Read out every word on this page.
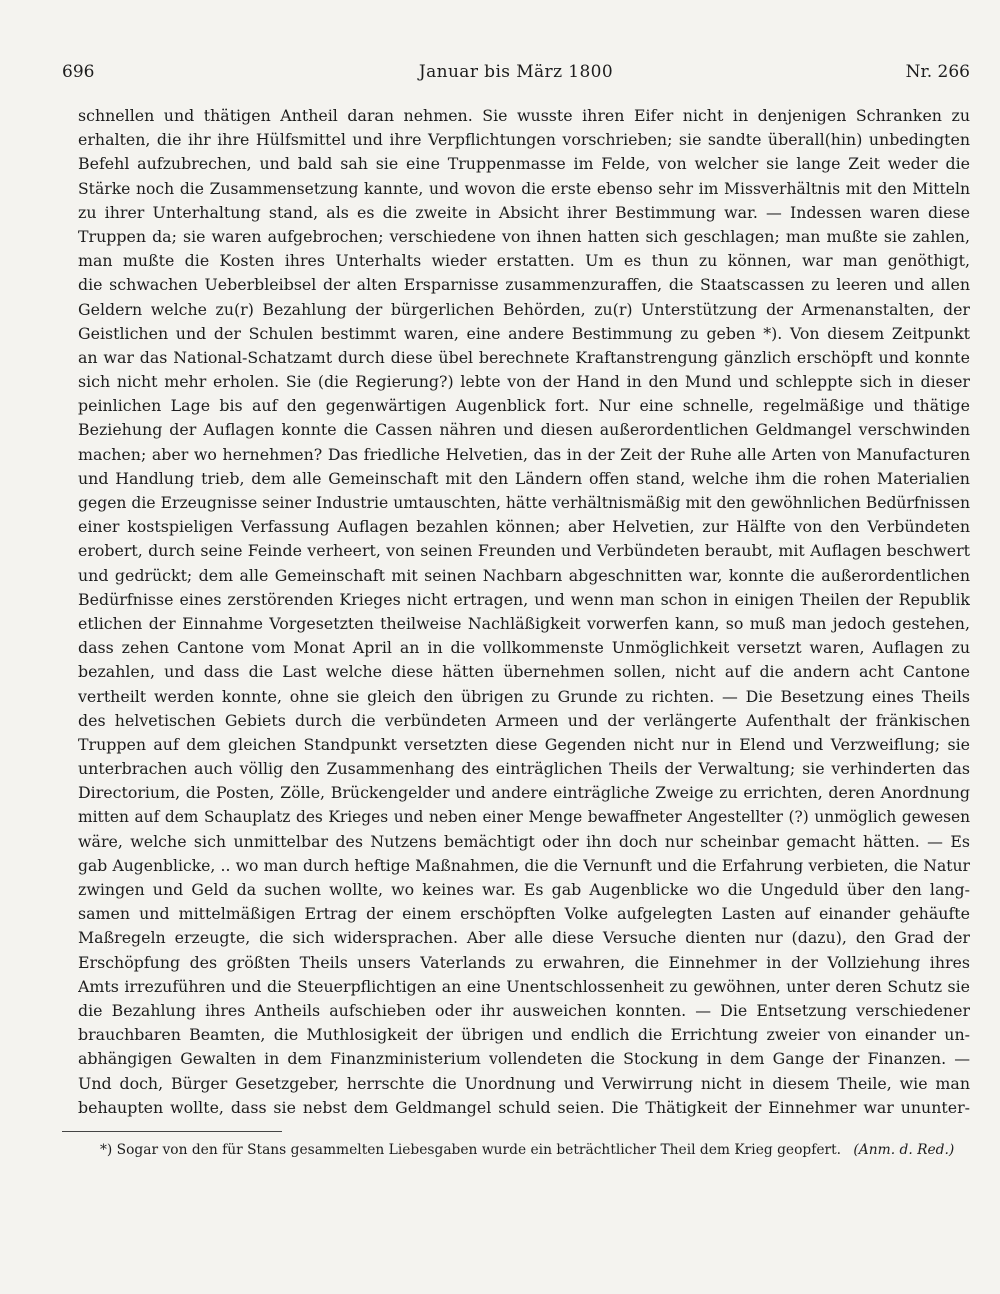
696	Januar bis März 1800	Nr. 266
schnellen und thätigen Antheil daran nehmen. Sie wusste ihren Eifer nicht in denjenigen Schranken zu
erhalten, die ihr ihre Hülfsmittel und ihre Verpflichtungen vorschrieben; sie sandte überall(hin) unbedingten
Befehl aufzubrechen, und bald sah sie eine Truppenmasse im Felde, von welcher sie lange Zeit weder die
Stärke noch die Zusammensetzung kannte, und wovon die erste ebenso sehr im Missverhältnis mit den Mitteln
zu ihrer Unterhaltung stand, als es die zweite in Absicht ihrer Bestimmung war. — Indessen waren diese
Truppen da; sie waren aufgebrochen; verschiedene von ihnen hatten sich geschlagen; man mußte sie zahlen,
man mußte die Kosten ihres Unterhalts wieder erstatten. Um es thun zu können, war man genöthigt,
die schwachen Ueberbleibsel der alten Ersparnisse zusammenzuraffen, die Staatscassen zu leeren und allen
Geldern welche zu(r) Bezahlung der bürgerlichen Behörden, zu(r) Unterstützung der Armenanstalten, der
Geistlichen und der Schulen bestimmt waren, eine andere Bestimmung zu geben *). Von diesem Zeitpunkt
an war das National-Schatzamt durch diese übel berechnete Kraftanstrengung gänzlich erschöpft und konnte
sich nicht mehr erholen. Sie (die Regierung?) lebte von der Hand in den Mund und schleppte sich in dieser
peinlichen Lage bis auf den gegenwärtigen Augenblick fort. Nur eine schnelle, regelmäßige und thätige
Beziehung der Auflagen konnte die Cassen nähren und diesen außerordentlichen Geldmangel verschwinden
machen; aber wo hernehmen? Das friedliche Helvetien, das in der Zeit der Ruhe alle Arten von Manufacturen
und Handlung trieb, dem alle Gemeinschaft mit den Ländern offen stand, welche ihm die rohen Materialien
gegen die Erzeugnisse seiner Industrie umtauschten, hätte verhältnismäßig mit den gewöhnlichen Bedürfnissen
einer kostspieligen Verfassung Auflagen bezahlen können; aber Helvetien, zur Hälfte von den Verbündeten
erobert, durch seine Feinde verheert, von seinen Freunden und Verbündeten beraubt, mit Auflagen beschwert
und gedrückt; dem alle Gemeinschaft mit seinen Nachbarn abgeschnitten war, konnte die außerordentlichen
Bedürfnisse eines zerstörenden Krieges nicht ertragen, und wenn man schon in einigen Theilen der Republik
etlichen der Einnahme Vorgesetzten theilweise Nachläßigkeit vorwerfen kann, so muß man jedoch gestehen,
dass zehen Cantone vom Monat April an in die vollkommenste Unmöglichkeit versetzt waren, Auflagen zu
bezahlen, und dass die Last welche diese hätten übernehmen sollen, nicht auf die andern acht Cantone
vertheilt werden konnte, ohne sie gleich den übrigen zu Grunde zu richten. — Die Besetzung eines Theils
des helvetischen Gebiets durch die verbündeten Armeen und der verlängerte Aufenthalt der fränkischen
Truppen auf dem gleichen Standpunkt versetzten diese Gegenden nicht nur in Elend und Verzweiflung; sie
unterbrachen auch völlig den Zusammenhang des einträglichen Theils der Verwaltung; sie verhinderten das
Directorium, die Posten, Zölle, Brückengelder und andere einträgliche Zweige zu errichten, deren Anordnung
mitten auf dem Schauplatz des Krieges und neben einer Menge bewaffneter Angestellter (?) unmöglich gewesen
wäre, welche sich unmittelbar des Nutzens bemächtigt oder ihn doch nur scheinbar gemacht hätten. — Es
gab Augenblicke, .. wo man durch heftige Maßnahmen, die die Vernunft und die Erfahrung verbieten, die Natur
zwingen und Geld da suchen wollte, wo keines war. Es gab Augenblicke wo die Ungeduld über den lang-
samen und mittelmäßigen Ertrag der einem erschöpften Volke aufgelegten Lasten auf einander gehäufte
Maßregeln erzeugte, die sich widersprachen. Aber alle diese Versuche dienten nur (dazu), den Grad der
Erschöpfung des größten Theils unsers Vaterlands zu erwahren, die Einnehmer in der Vollziehung ihres
Amts irrezuführen und die Steuerpflichtigen an eine Unentschlossenheit zu gewöhnen, unter deren Schutz sie
die Bezahlung ihres Antheils aufschieben oder ihr ausweichen konnten. — Die Entsetzung verschiedener
brauchbaren Beamten, die Muthlosigkeit der übrigen und endlich die Errichtung zweier von einander un-
abhängigen Gewalten in dem Finanzministerium vollendeten die Stockung in dem Gange der Finanzen. —
Und doch, Bürger Gesetzgeber, herrschte die Unordnung und Verwirrung nicht in diesem Theile, wie man
behaupten wollte, dass sie nebst dem Geldmangel schuld seien. Die Thätigkeit der Einnehmer war ununter-
*) Sogar von den für Stans gesammelten Liebesgaben wurde ein beträchtlicher Theil dem Krieg geopfert. (Anm. d. Red.)
